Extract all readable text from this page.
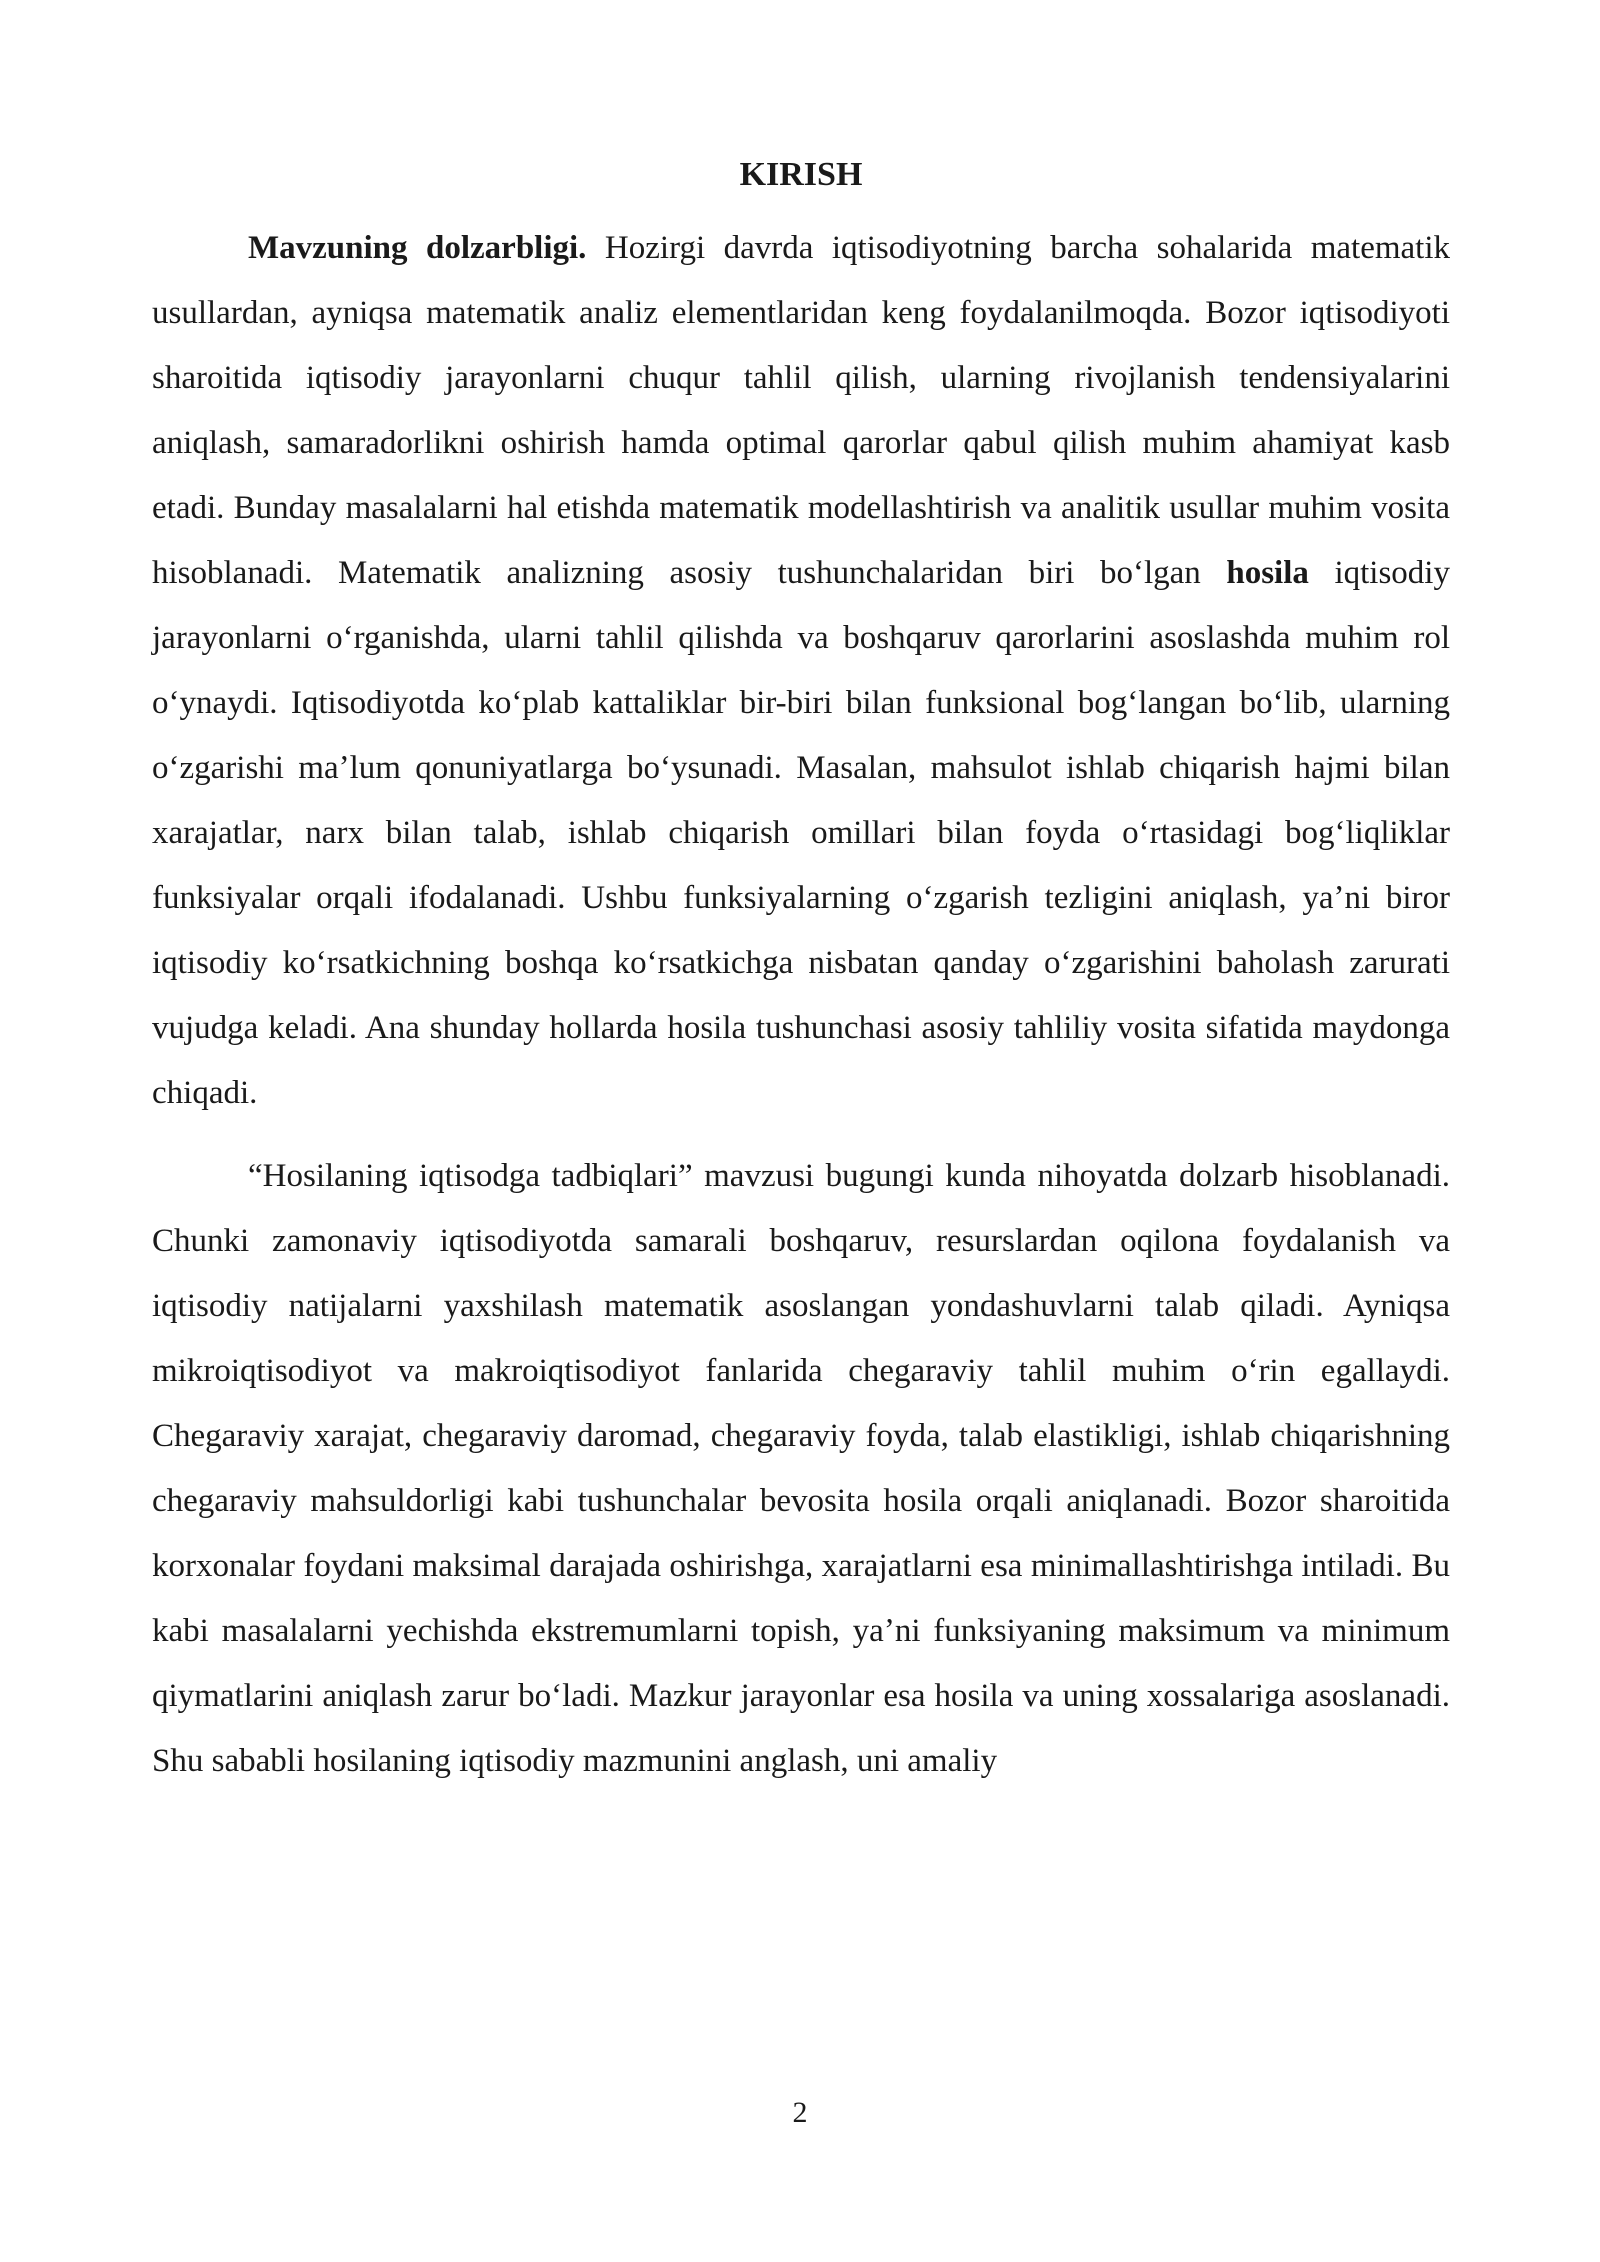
KIRISH

Mavzuning dolzarbligi. Hozirgi davrda iqtisodiyotning barcha sohalarida matematik usullardan, ayniqsa matematik analiz elementlaridan keng foydalanilmoqda. Bozor iqtisodiyoti sharoitida iqtisodiy jarayonlarni chuqur tahlil qilish, ularning rivojlanish tendensiyalarini aniqlash, samaradorlikni oshirish hamda optimal qarorlar qabul qilish muhim ahamiyat kasb etadi. Bunday masalalarni hal etishda matematik modellashtirish va analitik usullar muhim vosita hisoblanadi. Matematik analizning asosiy tushunchalaridan biri boʻlgan hosila iqtisodiy jarayonlarni oʻrganishda, ularni tahlil qilishda va boshqaruv qarorlarini asoslashda muhim rol oʻynaydi. Iqtisodiyotda koʻplab kattaliklar bir-biri bilan funksional bogʻlangan boʻlib, ularning oʻzgarishi maʼlum qonuniyatlarga boʻysunadi. Masalan, mahsulot ishlab chiqarish hajmi bilan xarajatlar, narx bilan talab, ishlab chiqarish omillari bilan foyda oʻrtasidagi bogʻliqliklar funksiyalar orqali ifodalanadi. Ushbu funksiyalarning oʻzgarish tezligini aniqlash, yaʼni biror iqtisodiy koʻrsatkichning boshqa koʻrsatkichga nisbatan qanday oʻzgarishini baholash zarurati vujudga keladi. Ana shunday hollarda hosila tushunchasi asosiy tahliliy vosita sifatida maydonga chiqadi.

“Hosilaning iqtisodga tadbiqlari” mavzusi bugungi kunda nihoyatda dolzarb hisoblanadi. Chunki zamonaviy iqtisodiyotda samarali boshqaruv, resurslardan oqilona foydalanish va iqtisodiy natijalarni yaxshilash matematik asoslangan yondashuvlarni talab qiladi. Ayniqsa mikroiqtisodiyot va makroiqtisodiyot fanlarida chegaraviy tahlil muhim oʻrin egallaydi. Chegaraviy xarajat, chegaraviy daromad, chegaraviy foyda, talab elastikligi, ishlab chiqarishning chegaraviy mahsuldorligi kabi tushunchalar bevosita hosila orqali aniqlanadi. Bozor sharoitida korxonalar foydani maksimal darajada oshirishga, xarajatlarni esa minimallashtirishga intiladi. Bu kabi masalalarni yechishda ekstremumlarni topish, yaʼni funksiyaning maksimum va minimum qiymatlarini aniqlash zarur boʻladi. Mazkur jarayonlar esa hosila va uning xossalariga asoslanadi. Shu sababli hosilaning iqtisodiy mazmunini anglash, uni amaliy

2
